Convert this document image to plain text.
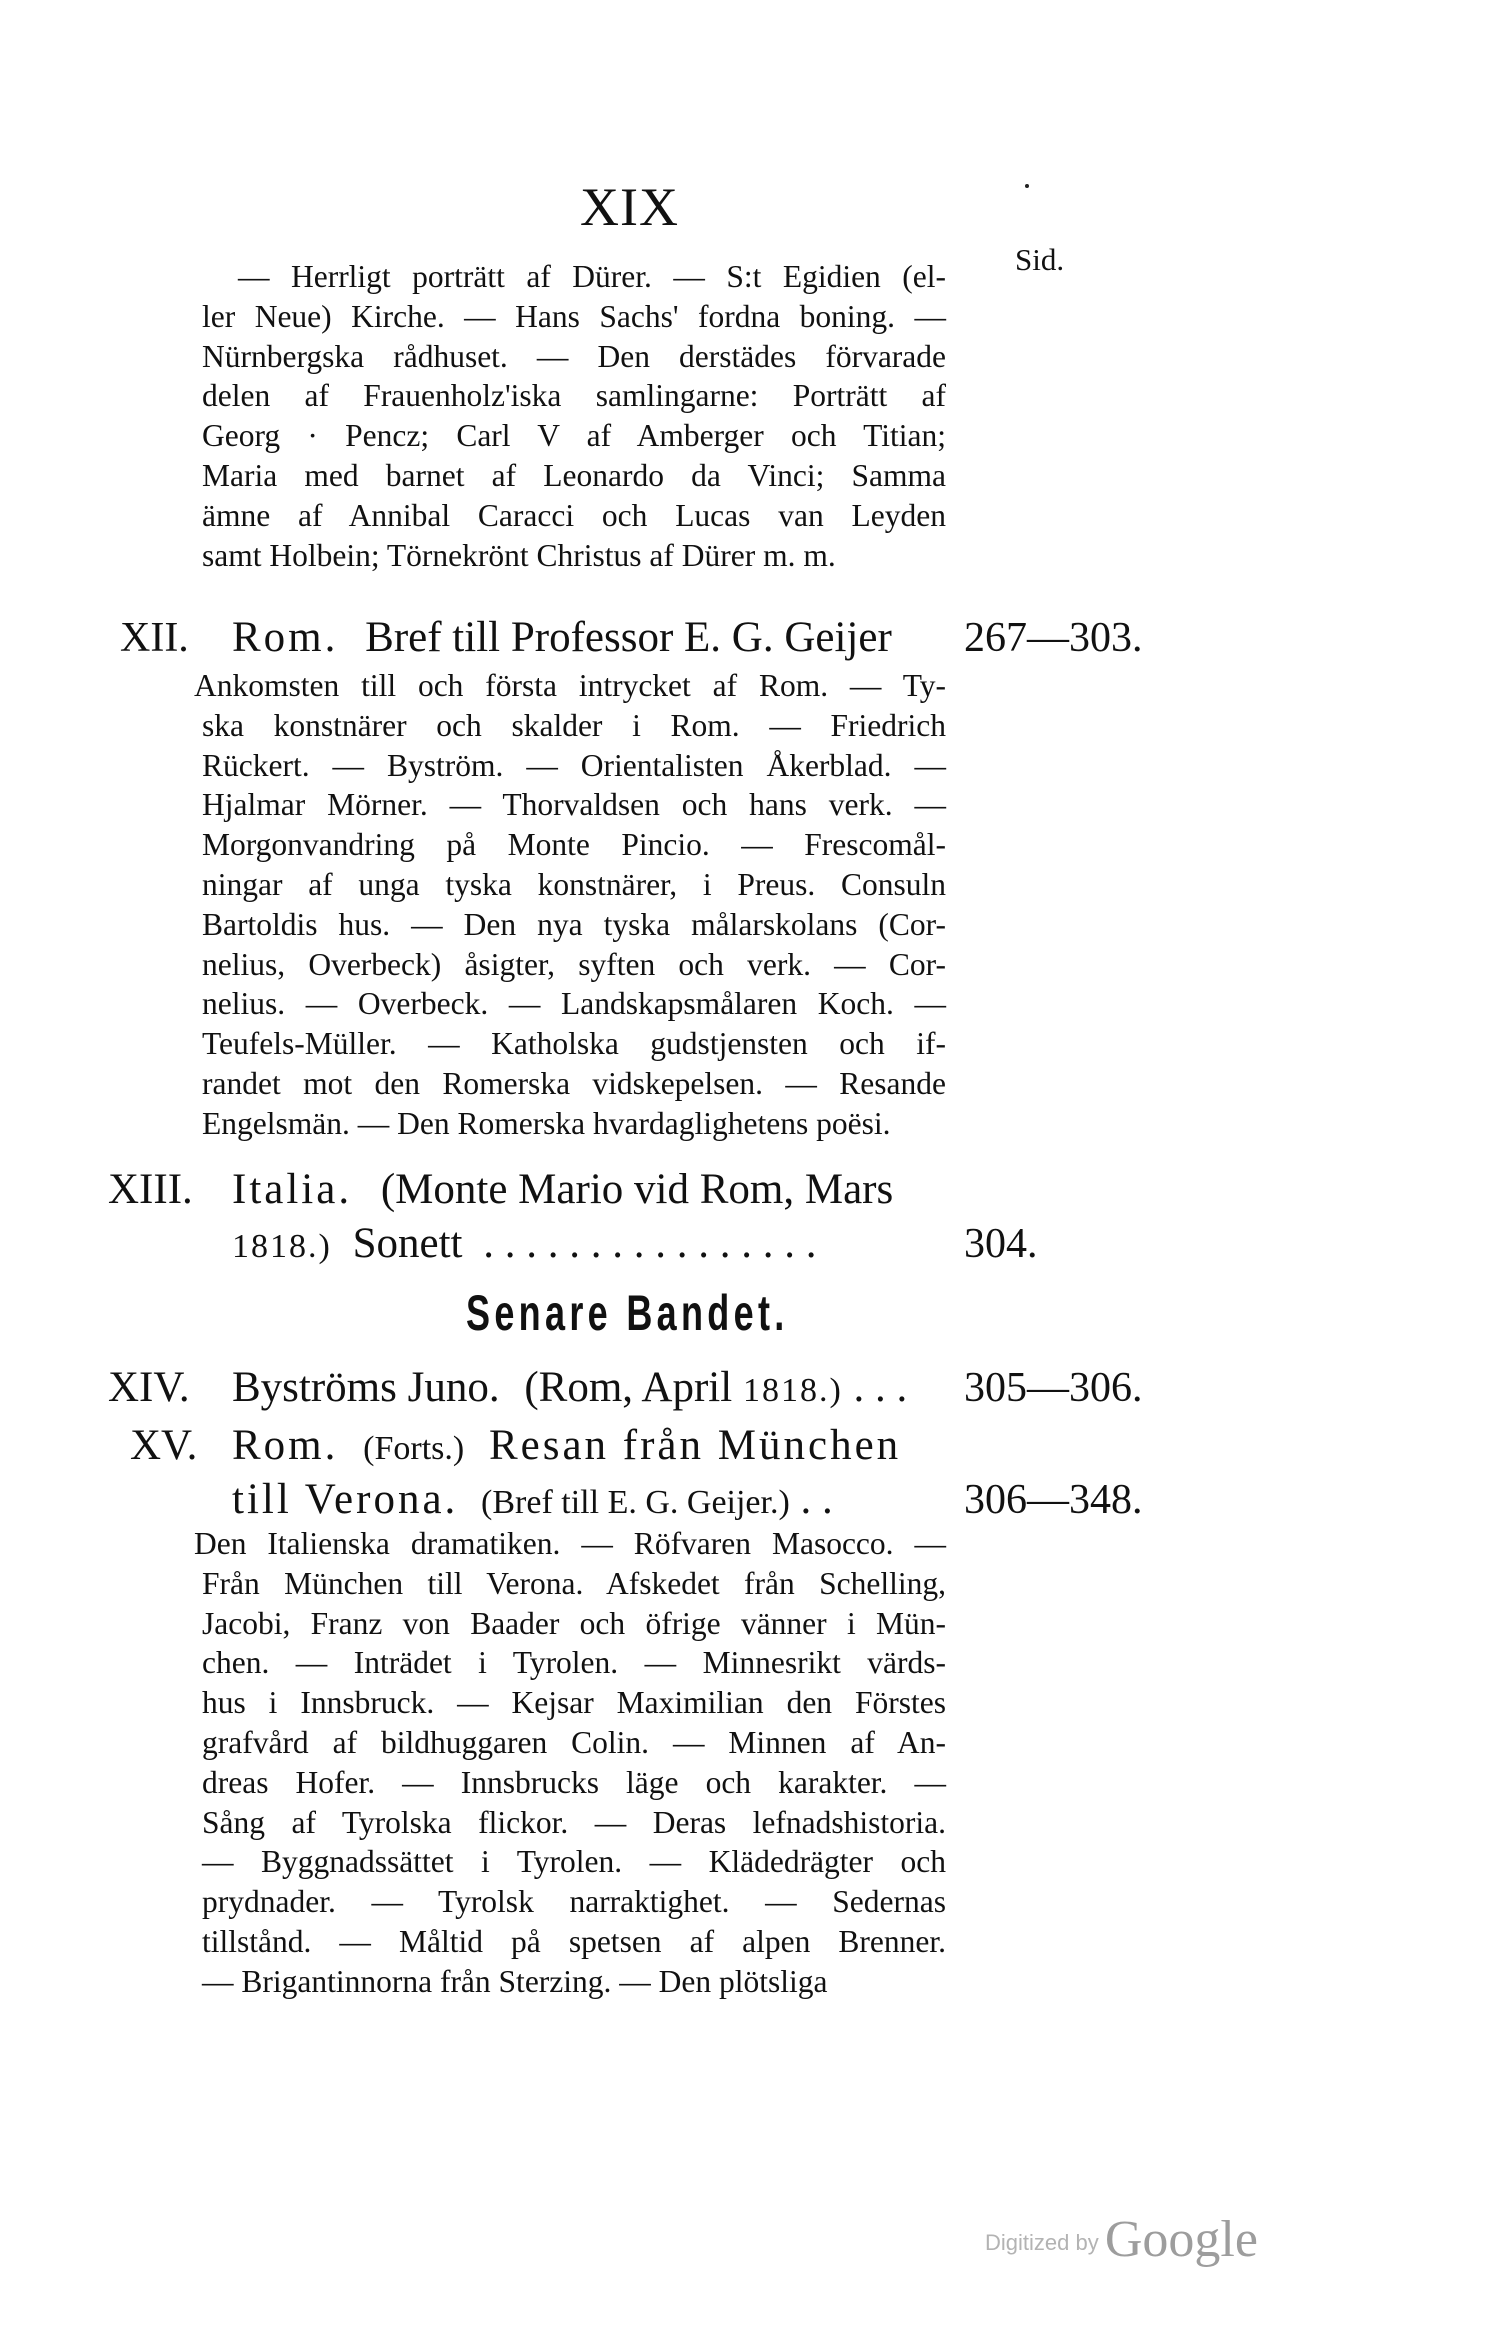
XIX
Sid.
— Herrligt porträtt af Dürer. — S:t Egidien (el-
ler Neue) Kirche. — Hans Sachs' fordna boning. —
Nürnbergska rådhuset. — Den derstädes förvarade
delen af Frauenholz'iska samlingarne: Porträtt af
Georg · Pencz; Carl V af Amberger och Titian;
Maria med barnet af Leonardo da Vinci; Samma
ämne af Annibal Caracci och Lucas van Leyden
samt Holbein; Törnekrönt Christus af Dürer m. m.
XII. Rom. Bref till Professor E. G. Geijer 267—303.
Ankomsten till och första intrycket af Rom. — Ty-
ska konstnärer och skalder i Rom. — Friedrich
Rückert. — Byström. — Orientalisten Åkerblad. —
Hjalmar Mörner. — Thorvaldsen och hans verk. —
Morgonvandring på Monte Pincio. — Frescomål-
ningar af unga tyska konstnärer, i Preus. Consuln
Bartoldis hus. — Den nya tyska målarskolans (Cor-
nelius, Overbeck) åsigter, syften och verk. — Cor-
nelius. — Overbeck. — Landskapsmålaren Koch. —
Teufels-Müller. — Katholska gudstjensten och if-
randet mot den Romerska vidskepelsen. — Resande
Engelsmän. — Den Romerska hvardaglighetens poësi.
XIII. Italia. (Monte Mario vid Rom, Mars
1818.) Sonett . . . . . . . . . . . . . . . .	304.
Senare Bandet.
XIV. Byströms Juno. (Rom, April 1818.) . . . 305—306.
XV. Rom. (Forts.) Resan från München
till Verona. (Bref till E. G. Geijer.) . .	306—348.
Den Italienska dramatiken. — Röfvaren Masocco. —
Från München till Verona. Afskedet från Schelling,
Jacobi, Franz von Baader och öfrige vänner i Mün-
chen. — Inträdet i Tyrolen. — Minnesrikt värds-
hus i Innsbruck. — Kejsar Maximilian den Förstes
grafvård af bildhuggaren Colin. — Minnen af An-
dreas Hofer. — Innsbrucks läge och karakter. —
Sång af Tyrolska flickor. — Deras lefnadshistoria.
— Byggnadssättet i Tyrolen. — Klädedrägter och
prydnader. — Tyrolsk narraktighet. — Sedernas
tillstånd. — Måltid på spetsen af alpen Brenner.
— Brigantinnorna från Sterzing. — Den plötsliga
Digitized by Google
